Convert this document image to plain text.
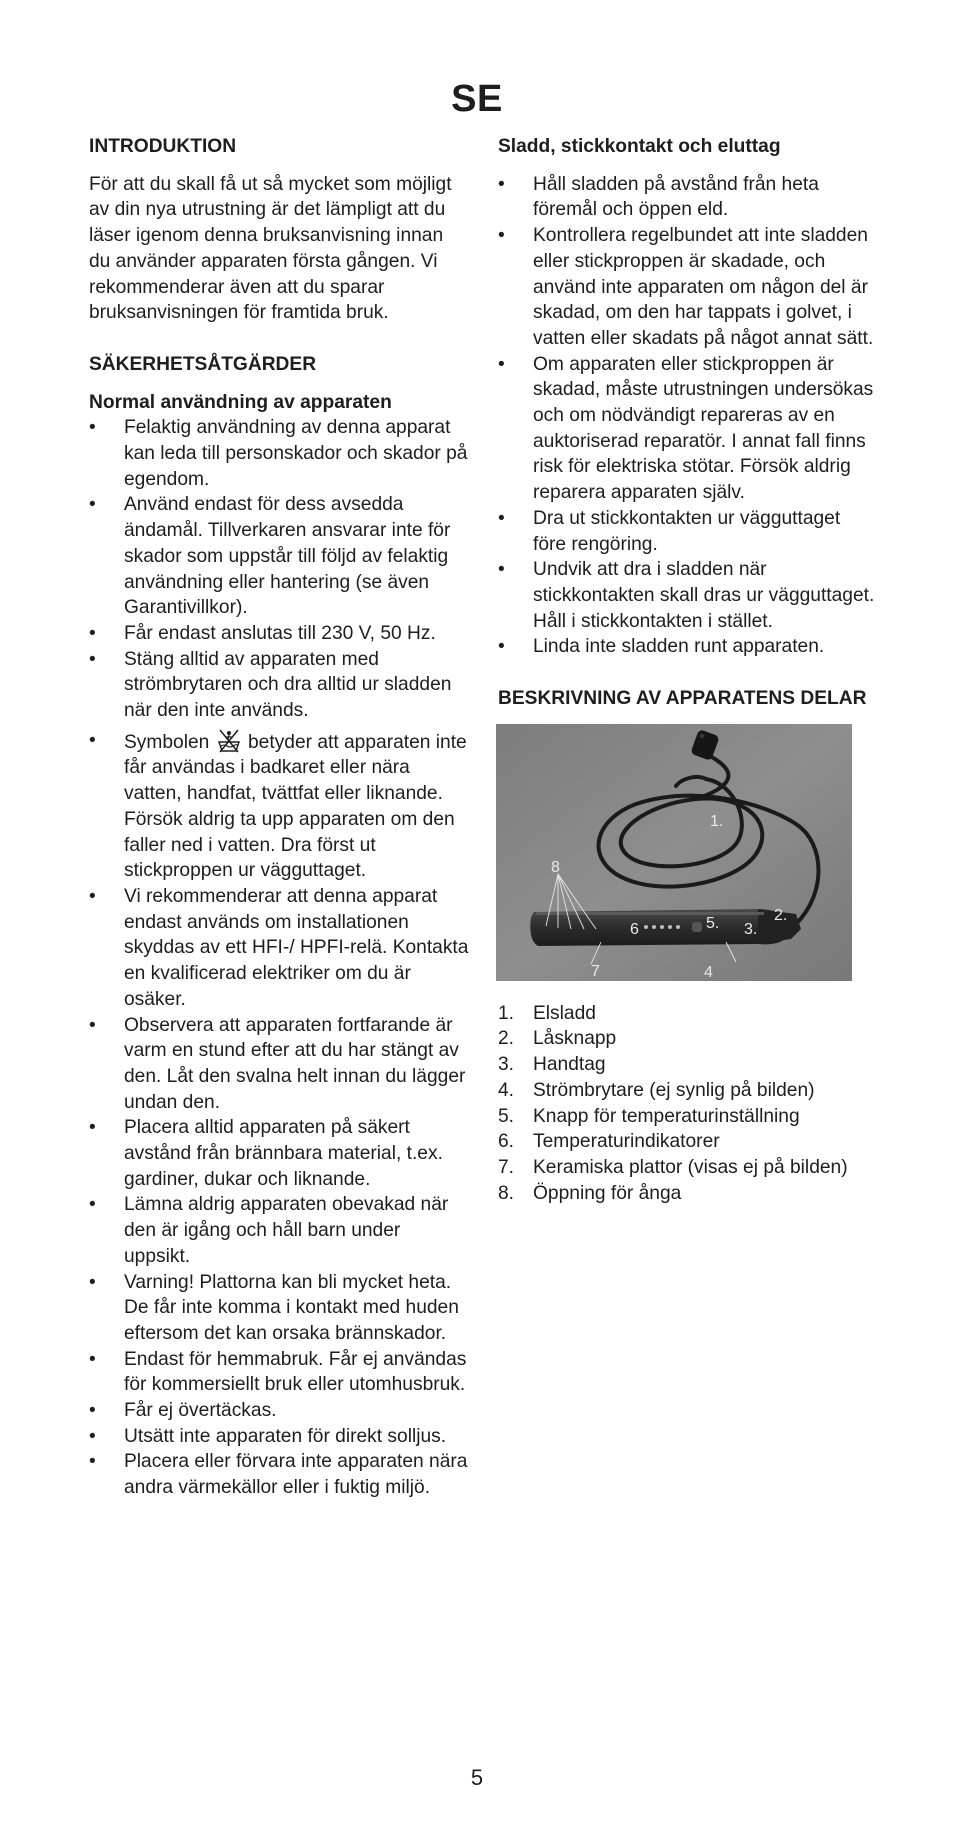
SE
INTRODUKTION

För att du skall få ut så mycket som möjligt av din nya utrustning är det lämpligt att du läser igenom denna bruksanvisning innan du använder apparaten första gången. Vi rekommenderar även att du sparar bruksanvisningen för framtida bruk.

SÄKERHETSÅTGÄRDER
Normal användning av apparaten
• Felaktig användning av denna apparat kan leda till personskador och skador på egendom.
• Använd endast för dess avsedda ändamål. Tillverkaren ansvarar inte för skador som uppstår till följd av felaktig användning eller hantering (se även Garantivillkor).
• Får endast anslutas till 230 V, 50 Hz.
• Stäng alltid av apparaten med strömbrytaren och dra alltid ur sladden när den inte används.
• Symbolen betyder att apparaten inte får användas i badkaret eller nära vatten, handfat, tvättfat eller liknande. Försök aldrig ta upp apparaten om den faller ned i vatten. Dra först ut stickproppen ur vägguttaget.
• Vi rekommenderar att denna apparat endast används om installationen skyddas av ett HFI-/ HPFI-relä. Kontakta en kvalificerad elektriker om du är osäker.
• Observera att apparaten fortfarande är varm en stund efter att du har stängt av den. Låt den svalna helt innan du lägger undan den.
• Placera alltid apparaten på säkert avstånd från brännbara material, t.ex. gardiner, dukar och liknande.
• Lämna aldrig apparaten obevakad när den är igång och håll barn under uppsikt.
• Varning! Plattorna kan bli mycket heta. De får inte komma i kontakt med huden eftersom det kan orsaka brännskador.
• Endast för hemmabruk. Får ej användas för kommersiellt bruk eller utomhusbruk.
• Får ej övertäckas.
• Utsätt inte apparaten för direkt solljus.
• Placera eller förvara inte apparaten nära andra värmekällor eller i fuktig miljö.
Sladd, stickkontakt och eluttag
• Håll sladden på avstånd från heta föremål och öppen eld.
• Kontrollera regelbundet att inte sladden eller stickproppen är skadade, och använd inte apparaten om någon del är skadad, om den har tappats i golvet, i vatten eller skadats på något annat sätt.
• Om apparaten eller stickproppen är skadad, måste utrustningen undersökas och om nödvändigt repareras av en auktoriserad reparatör. I annat fall finns risk för elektriska stötar. Försök aldrig reparera apparaten själv.
• Dra ut stickkontakten ur vägguttaget före rengöring.
• Undvik att dra i sladden när stickkontakten skall dras ur vägguttaget. Håll i stickkontakten i stället.
• Linda inte sladden runt apparaten.
BESKRIVNING AV APPARATENS DELAR
1.
2.
3.
4
5.
6
7
8
1. Elsladd
2. Låsknapp
3. Handtag
4. Strömbrytare (ej synlig på bilden)
5. Knapp för temperaturinställning
6. Temperaturindikatorer
7. Keramiska plattor (visas ej på bilden)
8. Öppning för ånga
5
